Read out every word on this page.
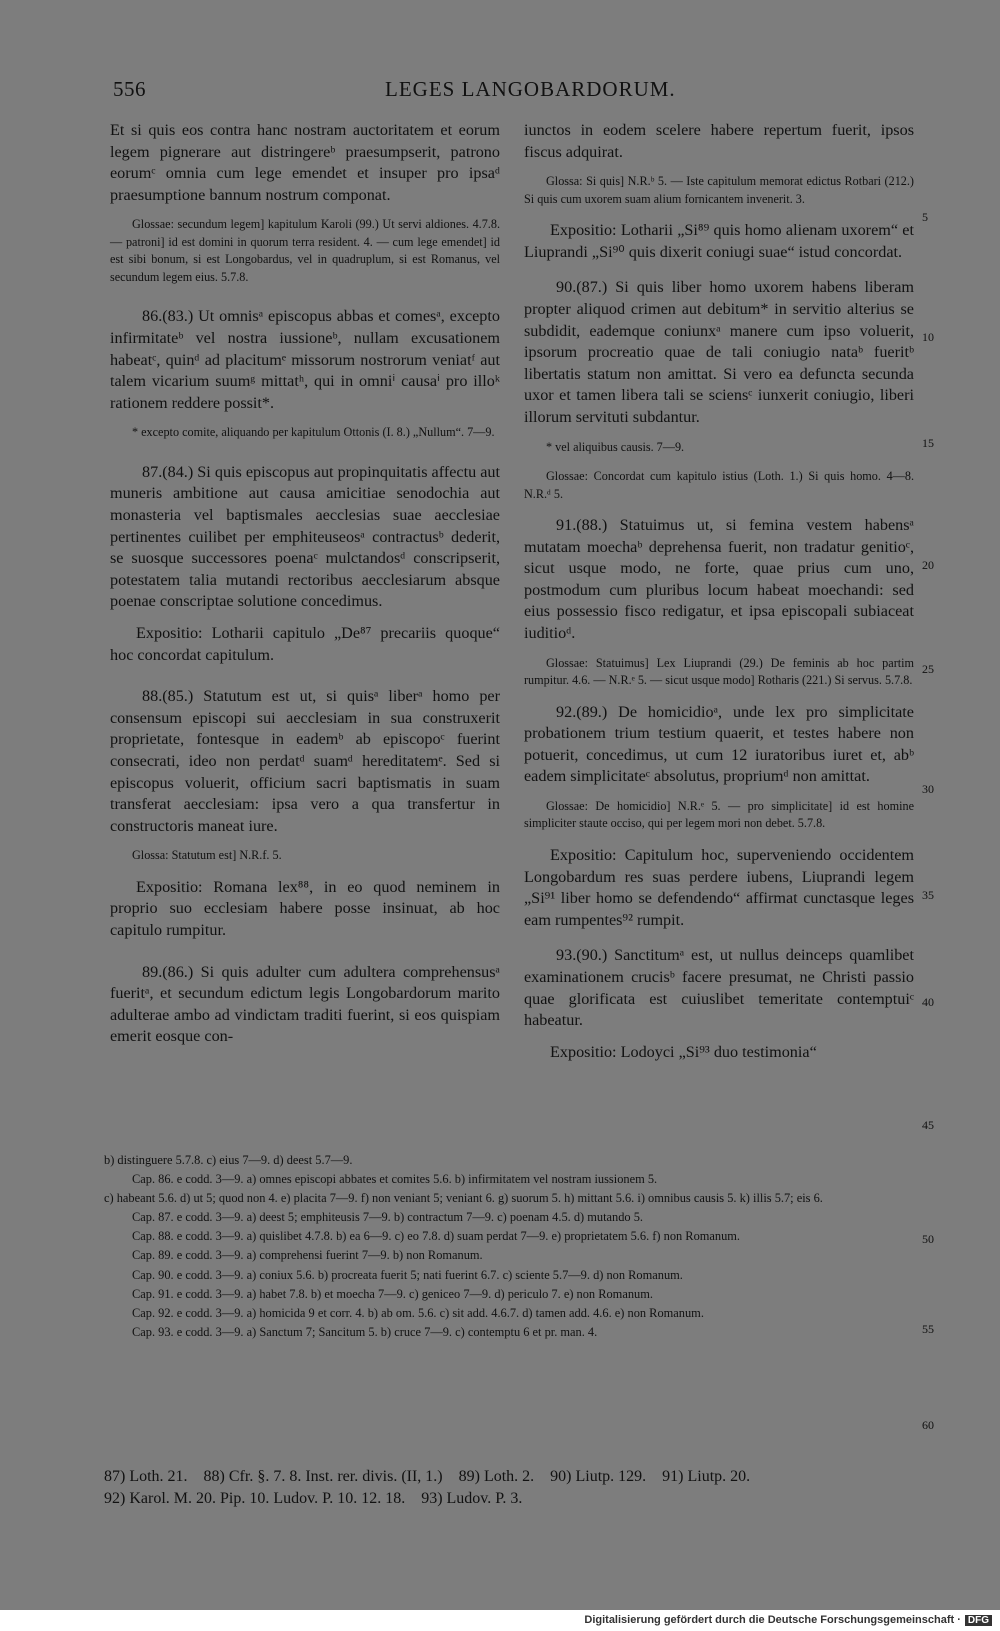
556	LEGES LANGOBARDORUM.

Et si quis eos contra hanc nostram auctoritatem et eorum legem pignerare aut distringereᵇ praesumpserit, patrono eorumᶜ omnia cum lege emendet et insuper pro ipsaᵈ praesumptione bannum nostrum componat.

Glossae: secundum legem] kapitulum Karoli (99.) Ut servi aldiones. 4.7.8. — patroni] id est domini in quorum terra resident. 4. — cum lege emendet] id est sibi bonum, si est Longobardus, vel in quadruplum, si est Romanus, vel secundum legem eius. 5.7.8.

86.(83.) Ut omnisᵃ episcopus abbas et comesᵃ, excepto infirmitateᵇ vel nostra iussioneᵇ, nullam excusationem habeatᶜ, quinᵈ ad placitumᵉ missorum nostrorum veniatᶠ aut talem vicarium suumᵍ mittatʰ, qui in omniⁱ causaⁱ pro illoᵏ rationem reddere possit*.

* excepto comite, aliquando per kapitulum Ottonis (I. 8.) „Nullum“. 7—9.

87.(84.) Si quis episcopus aut propinquitatis affectu aut muneris ambitione aut causa amicitiae senodochia aut monasteria vel baptismales aecclesias suae aecclesiae pertinentes cuilibet per emphiteuseosᵃ contractusᵇ dederit, se suosque successores poenaᶜ mulctandosᵈ conscripserit, potestatem talia mutandi rectoribus aecclesiarum absque poenae conscriptae solutione concedimus.

Expositio: Lotharii capitulo „De⁸⁷ precariis quoque“ hoc concordat capitulum.

88.(85.) Statutum est ut, si quisᵃ liberᵃ homo per consensum episcopi sui aecclesiam in sua construxerit proprietate, fontesque in eademᵇ ab episcopoᶜ fuerint consecrati, ideo non perdatᵈ suamᵈ hereditatemᵉ. Sed si episcopus voluerit, officium sacri baptismatis in suam transferat aecclesiam: ipsa vero a qua transfertur in constructoris maneat iure.

Glossa: Statutum est] N.R.f. 5.

Expositio: Romana lex⁸⁸, in eo quod neminem in proprio suo ecclesiam habere posse insinuat, ab hoc capitulo rumpitur.

89.(86.) Si quis adulter cum adultera comprehensusᵃ fueritᵃ, et secundum edictum legis Longobardorum marito adulterae ambo ad vindictam traditi fuerint, si eos quispiam emerit eosque con-

iunctos in eodem scelere habere repertum fuerit, ipsos fiscus adquirat.

Glossa: Si quis] N.R.ᵇ 5. — Iste capitulum memorat edictus Rotbari (212.) Si quis cum uxorem suam alium fornicantem invenerit. 3.

Expositio: Lotharii „Si⁸⁹ quis homo alienam uxorem“ et Liuprandi „Si⁹⁰ quis dixerit coniugi suae“ istud concordat.

90.(87.) Si quis liber homo uxorem habens liberam propter aliquod crimen aut debitum* in servitio alterius se subdidit, eademque coniunxᵃ manere cum ipso voluerit, ipsorum procreatio quae de tali coniugio nataᵇ fueritᵇ libertatis statum non amittat. Si vero ea defuncta secunda uxor et tamen libera tali se sciensᶜ iunxerit coniugio, liberi illorum servituti subdantur.

* vel aliquibus causis. 7—9.

Glossae: Concordat cum kapitulo istius (Loth. 1.) Si quis homo. 4—8. N.R.ᵈ 5.

91.(88.) Statuimus ut, si femina vestem habensᵃ mutatam moechaᵇ deprehensa fuerit, non tradatur genitioᶜ, sicut usque modo, ne forte, quae prius cum uno, postmodum cum pluribus locum habeat moechandi: sed eius possessio fisco redigatur, et ipsa episcopali subiaceat iuditioᵈ.

Glossae: Statuimus] Lex Liuprandi (29.) De feminis ab hoc partim rumpitur. 4.6. — N.R.ᵉ 5. — sicut usque modo] Rotharis (221.) Si servus. 5.7.8.

92.(89.) De homicidioᵃ, unde lex pro simplicitate probationem trium testium quaerit, et testes habere non potuerit, concedimus, ut cum 12 iuratoribus iuret et, abᵇ eadem simplicitateᶜ absolutus, propriumᵈ non amittat.

Glossae: De homicidio] N.R.ᵉ 5. — pro simplicitate] id est homine simpliciter staute occiso, qui per legem mori non debet. 5.7.8.

Expositio: Capitulum hoc, superveniendo occidentem Longobardum res suas perdere iubens, Liuprandi legem „Si⁹¹ liber homo se defendendo“ affirmat cunctasque leges eam rumpentes⁹² rumpit.

93.(90.) Sanctitumᵃ est, ut nullus deinceps quamlibet examinationem crucisᵇ facere presumat, ne Christi passio quae glorificata est cuiuslibet temeritate contemptuiᶜ habeatur.

Expositio: Lodoyci „Si⁹³ duo testimonia“

5
10
15
20
25
30
35
40
45
50
55
60

b) distinguere 5.7.8. c) eius 7—9. d) deest 5.7—9.

Cap. 86. e codd. 3—9. a) omnes episcopi abbates et comites 5.6. b) infirmitatem vel nostram iussionem 5.

c) habeant 5.6. d) ut 5; quod non 4. e) placita 7—9. f) non veniant 5; veniant 6. g) suorum 5. h) mittant 5.6. i) omnibus causis 5. k) illis 5.7; eis 6.

Cap. 87. e codd. 3—9. a) deest 5; emphiteusis 7—9. b) contractum 7—9. c) poenam 4.5. d) mutando 5.

Cap. 88. e codd. 3—9. a) quislibet 4.7.8. b) ea 6—9. c) eo 7.8. d) suam perdat 7—9. e) proprietatem 5.6. f) non Romanum.

Cap. 89. e codd. 3—9. a) comprehensi fuerint 7—9. b) non Romanum.

Cap. 90. e codd. 3—9. a) coniux 5.6. b) procreata fuerit 5; nati fuerint 6.7. c) sciente 5.7—9. d) non Romanum.

Cap. 91. e codd. 3—9. a) habet 7.8. b) et moecha 7—9. c) geniceo 7—9. d) periculo 7. e) non Romanum.

Cap. 92. e codd. 3—9. a) homicida 9 et corr. 4. b) ab om. 5.6. c) sit add. 4.6.7. d) tamen add. 4.6. e) non Romanum.

Cap. 93. e codd. 3—9. a) Sanctum 7; Sancitum 5. b) cruce 7—9. c) contemptu 6 et pr. man. 4.

87) Loth. 21.    88) Cfr. §. 7. 8. Inst. rer. divis. (II, 1.)    89) Loth. 2.    90) Liutp. 129.    91) Liutp. 20.

92) Karol. M. 20. Pip. 10. Ludov. P. 10. 12. 18.    93) Ludov. P. 3.

Digitalisierung gefördert durch die Deutsche Forschungsgemeinschaft · DFG
